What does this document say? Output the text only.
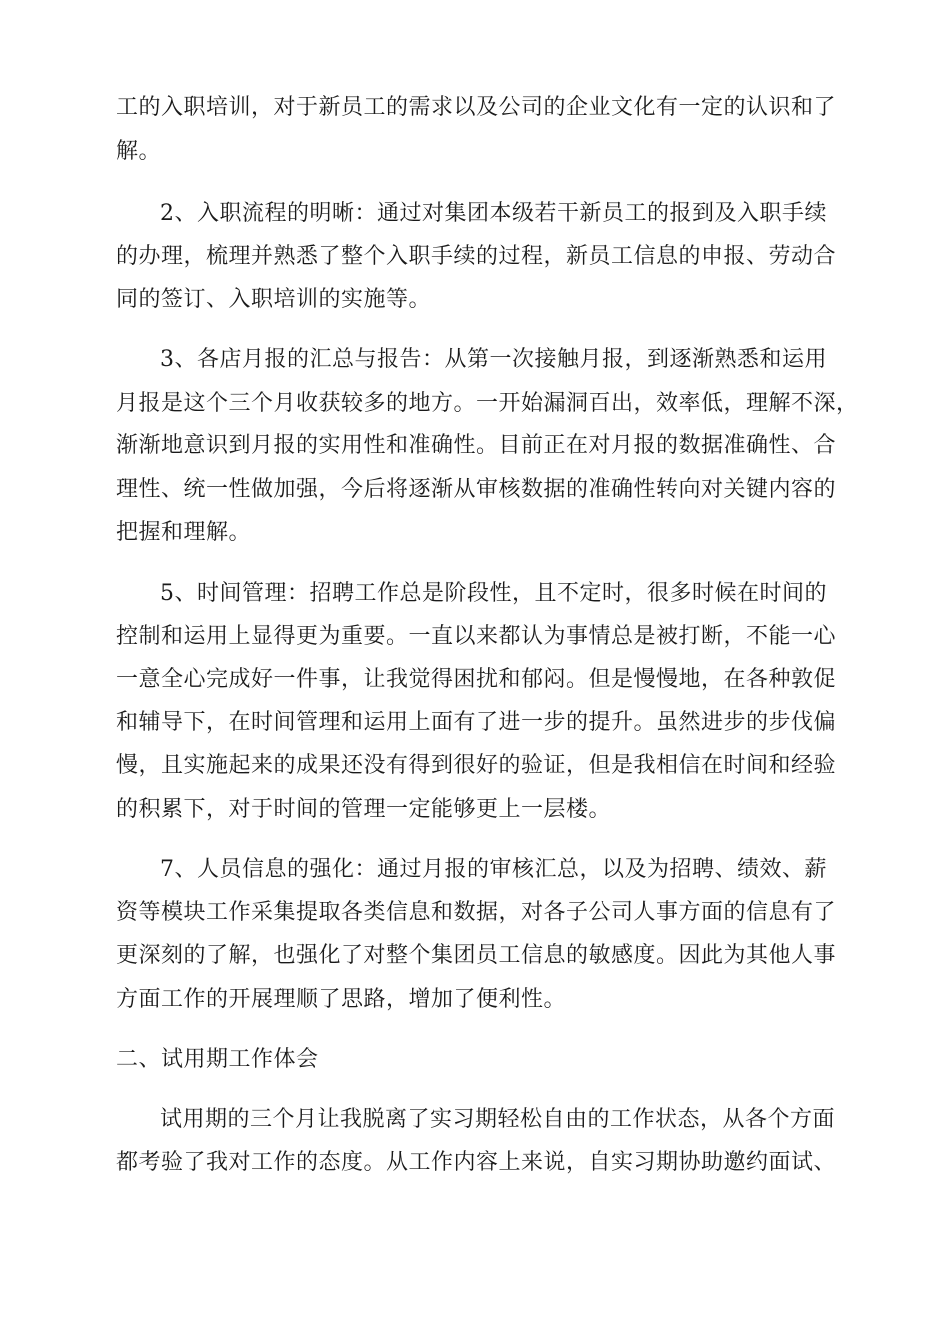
工的入职培训，对于新员工的需求以及公司的企业文化有一定的认识和了
解。
2、入职流程的明晰：通过对集团本级若干新员工的报到及入职手续
的办理，梳理并熟悉了整个入职手续的过程，新员工信息的申报、劳动合
同的签订、入职培训的实施等。
3、各店月报的汇总与报告：从第一次接触月报，到逐渐熟悉和运用
月报是这个三个月收获较多的地方。一开始漏洞百出，效率低，理解不深，
渐渐地意识到月报的实用性和准确性。目前正在对月报的数据准确性、合
理性、统一性做加强，今后将逐渐从审核数据的准确性转向对关键内容的
把握和理解。
5、时间管理：招聘工作总是阶段性，且不定时，很多时候在时间的
控制和运用上显得更为重要。一直以来都认为事情总是被打断，不能一心
一意全心完成好一件事，让我觉得困扰和郁闷。但是慢慢地，在各种敦促
和辅导下，在时间管理和运用上面有了进一步的提升。虽然进步的步伐偏
慢，且实施起来的成果还没有得到很好的验证，但是我相信在时间和经验
的积累下，对于时间的管理一定能够更上一层楼。
7、人员信息的强化：通过月报的审核汇总，以及为招聘、绩效、薪
资等模块工作采集提取各类信息和数据，对各子公司人事方面的信息有了
更深刻的了解，也强化了对整个集团员工信息的敏感度。因此为其他人事
方面工作的开展理顺了思路，增加了便利性。
二、试用期工作体会
试用期的三个月让我脱离了实习期轻松自由的工作状态，从各个方面
都考验了我对工作的态度。从工作内容上来说，自实习期协助邀约面试、
